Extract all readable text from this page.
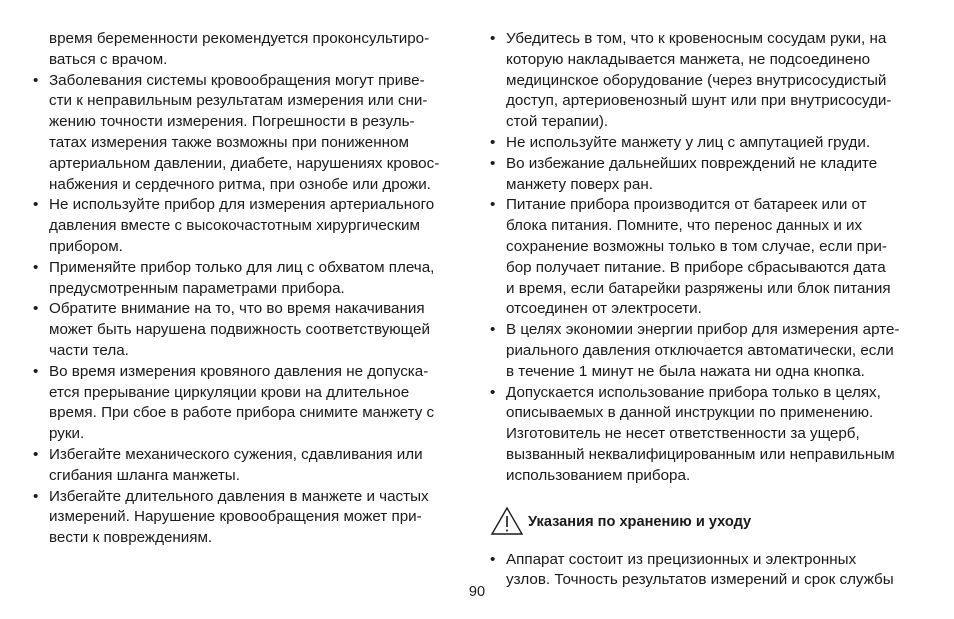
время беременности рекомендуется проконсультиро-
ваться с врачом.
• Заболевания системы кровообращения могут приве-
сти к неправильным результатам измерения или сни-
жению точности измерения. Погрешности в резуль-
татах измерения также возможны при пониженном
артериальном давлении, диабете, нарушениях кровос-
набжения и сердечного ритма, при ознобе или дрожи.
• Не используйте прибор для измерения артериального
давления вместе с высокочастотным хирургическим
прибором.
• Применяйте прибор только для лиц с обхватом плеча,
предусмотренным параметрами прибора.
• Обратите внимание на то, что во время накачивания
может быть нарушена подвижность соответствующей
части тела.
• Во время измерения кровяного давления не допуска-
ется прерывание циркуляции крови на длительное
время. При сбое в работе прибора снимите манжету с
руки.
• Избегайте механического сужения, сдавливания или
сгибания шланга манжеты.
• Избегайте длительного давления в манжете и частых
измерений. Нарушение кровообращения может при-
вести к повреждениям.
• Убедитесь в том, что к кровеносным сосудам руки, на
которую накладывается манжета, не подсоединено
медицинское оборудование (через внутрисосудистый
доступ, артериовенозный шунт или при внутрисосуди-
стой терапии).
• Не используйте манжету у лиц с ампутацией груди.
• Во избежание дальнейших повреждений не кладите
манжету поверх ран.
• Питание прибора производится от батареек или от
блока питания. Помните, что перенос данных и их
сохранение возможны только в том случае, если при-
бор получает питание. В приборе сбрасываются дата
и время, если батарейки разряжены или блок питания
отсоединен от электросети.
• В целях экономии энергии прибор для измерения арте-
риального давления отключается автоматически, если
в течение 1 минут не была нажата ни одна кнопка.
• Допускается использование прибора только в целях,
описываемых в данной инструкции по применению.
Изготовитель не несет ответственности за ущерб,
вызванный неквалифицированным или неправильным
использованием прибора.
Указания по хранению и уходу
• Аппарат состоит из прецизионных и электронных
узлов. Точность результатов измерений и срок службы
90
